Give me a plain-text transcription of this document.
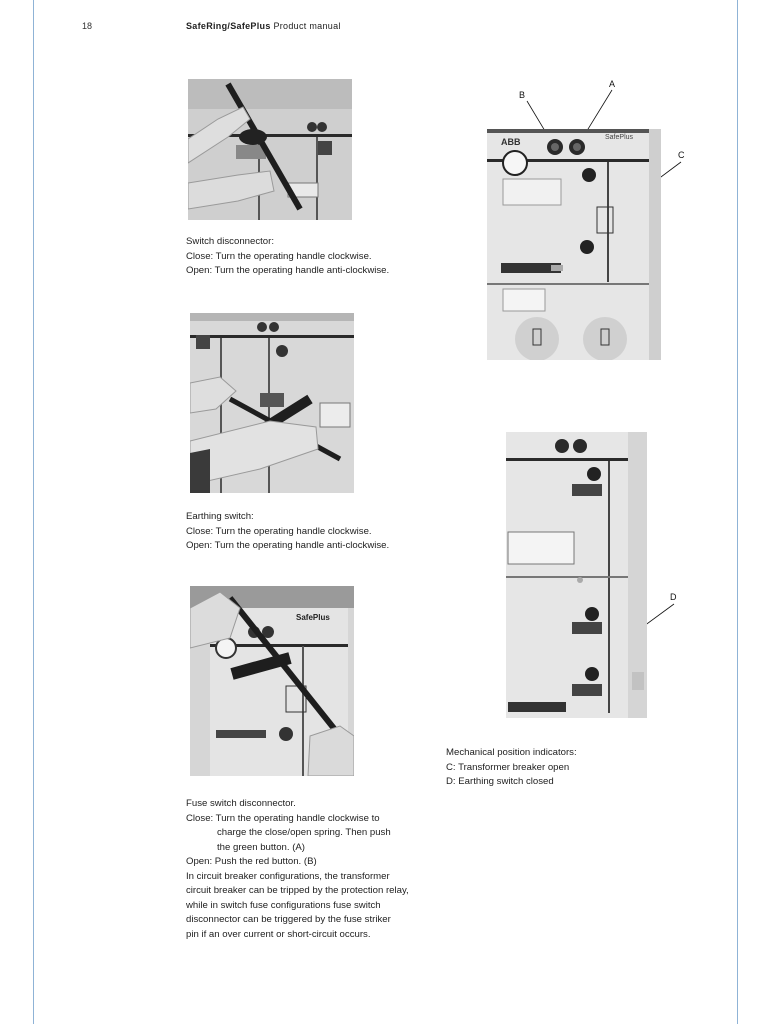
18	SafeRing/SafePlus Product manual

Switch disconnector:

Close: Turn the operating handle clockwise.

Open: Turn the operating handle anti-clockwise.

Earthing switch:

Close: Turn the operating handle clockwise.

Open: Turn the operating handle anti-clockwise.

SafePlus

Fuse switch disconnector.

Close: Turn the operating handle clockwise to

charge the close/open spring. Then push

the green button. (A)

Open: Push the red button. (B)

In circuit breaker configurations, the transformer

circuit breaker can be tripped by the protection relay,

while in switch fuse configurations fuse switch

disconnector can be triggered by the fuse striker

pin if an over current or short-circuit occurs.

A
B
C
ABB	SafePlus
D

Mechanical position indicators:

C: Transformer breaker open

D: Earthing switch closed
